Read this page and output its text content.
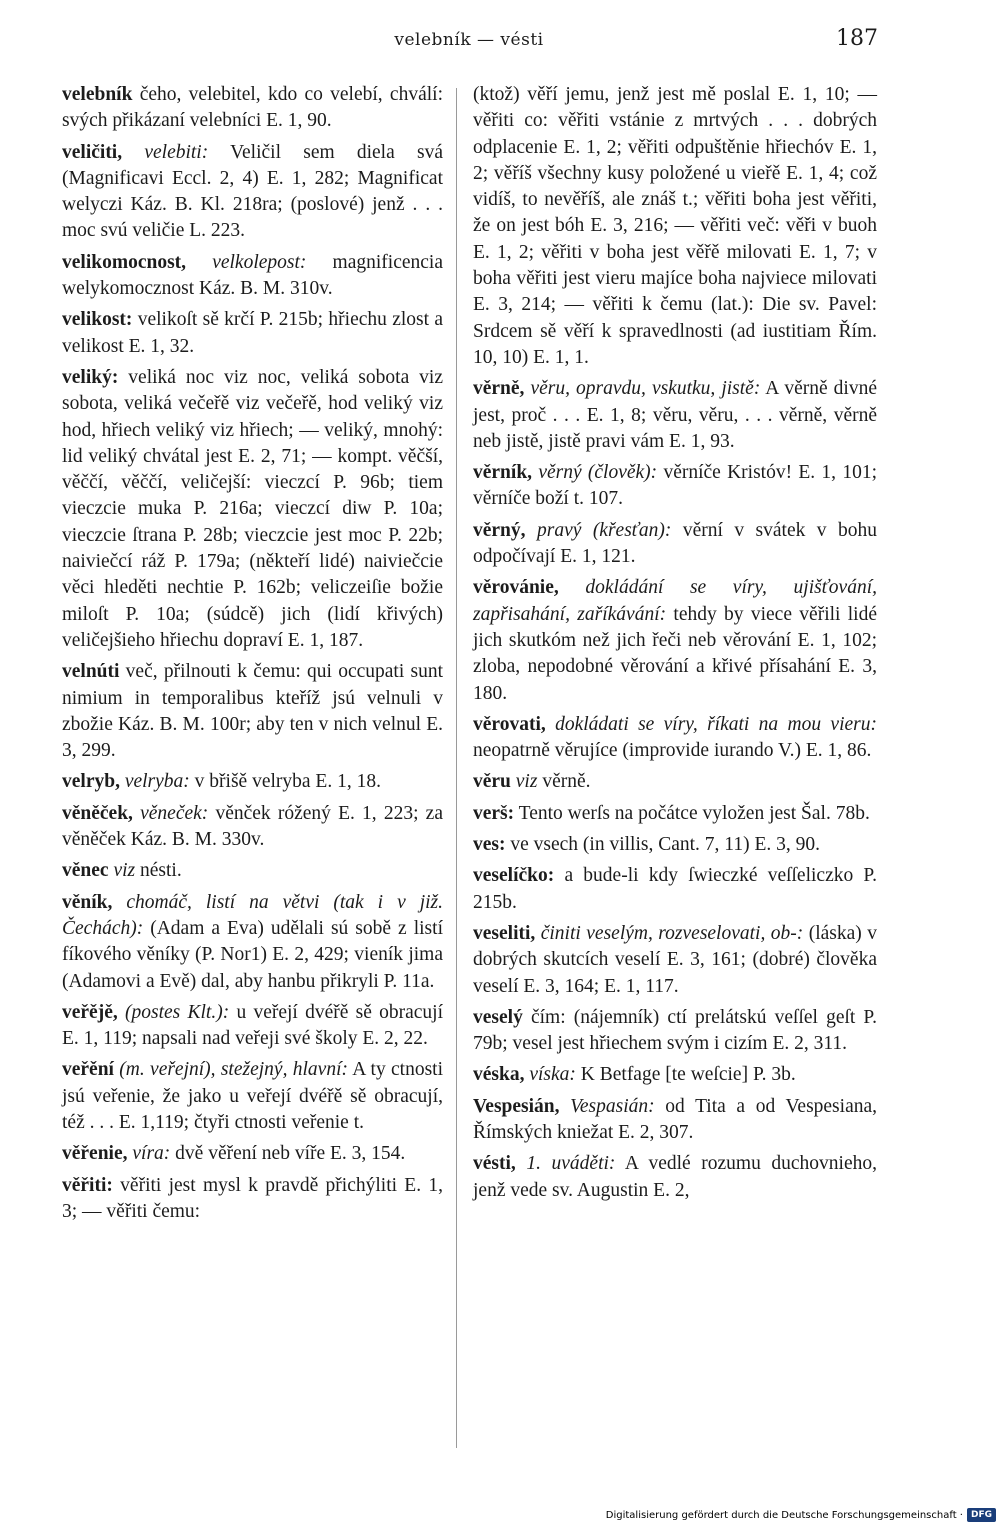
velebník — vésti	187

velebník čeho, velebitel, kdo co velebí, chválí: svých přikázaní velebníci E. 1, 90.

veličiti, velebiti: Veličil sem diela svá (Magnificavi Eccl. 2, 4) E. 1, 282; Magnificat welyczi Káz. B. Kl. 218ra; (poslové) jenž . . . moc svú veličie L. 223.

velikomocnost, velkolepost: magnificencia welykomocznost Káz. B. M. 310v.

velikost: velikoſt sě krčí P. 215b; hřiechu zlost a velikost E. 1, 32.

veliký: veliká noc viz noc, veliká sobota viz sobota, veliká večeřě viz večeřě, hod veliký viz hod, hřiech veliký viz hřiech; — veliký, mnohý: lid veliký chvátal jest E. 2, 71; — kompt. věčší, věččí, věččí, veličejší: vieczcí P. 96b; tiem vieczcie muka P. 216a; vieczcí diw P. 10a; vieczcie ſtrana P. 28b; vieczcie jest moc P. 22b; naiviečcí ráž P. 179a; (někteří lidé) naiviečcie věci hleděti nechtie P. 162b; veliczeiſie božie miloſt P. 10a; (súdcě) jich (lidí křivých) veličejšieho hřiechu dopraví E. 1, 187.

velnúti več, přilnouti k čemu: qui occupati sunt nimium in temporalibus kteříž jsú velnuli v zbožie Káz. B. M. 100r; aby ten v nich velnul E. 3, 299.

velryb, velryba: v břišě velryba E. 1, 18.

věněček, věneček: věnček róžený E. 1, 223; za věněček Káz. B. M. 330v.

věnec viz nésti.

věník, chomáč, listí na větvi (tak i v již. Čechách): (Adam a Eva) udělali sú sobě z listí fíkového věníky (P. Nor1) E. 2, 429; vieník jima (Adamovi a Evě) dal, aby hanbu přikryli P. 11a.

veřějě, (postes Klt.): u veřejí dvéřě sě obracují E. 1, 119; napsali nad veřeji své školy E. 2, 22.

veřění (m. veřejní), stežejný, hlavní: A ty ctnosti jsú veřenie, že jako u veřejí dvéřě sě obracují, též . . . E. 1,119; čtyři ctnosti veřenie t.

věřenie, víra: dvě věření neb víře E. 3, 154.

věřiti: věřiti jest mysl k pravdě přichýliti E. 1, 3; — věřiti čemu:

(ktož) věří jemu, jenž jest mě poslal E. 1, 10; — věřiti co: věřiti vstánie z mrtvých . . . dobrých odplacenie E. 1, 2; věřiti odpuštěnie hřiechóv E. 1, 2; věříš všechny kusy položené u vieřě E. 1, 4; což vidíš, to nevěříš, ale znáš t.; věřiti boha jest věřiti, že on jest bóh E. 3, 216; — věřiti več: věři v buoh E. 1, 2; věřiti v boha jest věřě milovati E. 1, 7; v boha věřiti jest vieru majíce boha najviece milovati E. 3, 214; — věřiti k čemu (lat.): Die sv. Pavel: Srdcem sě věří k spravedlnosti (ad iustitiam Řím. 10, 10) E. 1, 1.

věrně, věru, opravdu, vskutku, jistě: A věrně divné jest, proč . . . E. 1, 8; věru, věru, . . . věrně, věrně neb jistě, jistě pravi vám E. 1, 93.

věrník, věrný (člověk): věrníče Kristóv! E. 1, 101; věrníče boží t. 107.

věrný, pravý (křesťan): věrní v svátek v bohu odpočívají E. 1, 121.

věrovánie, dokládání se víry, ujišťování, zapřisahání, zaříkávání: tehdy by viece věřili lidé jich skutkóm než jich řeči neb věrování E. 1, 102; zloba, nepodobné věrování a křivé přísahání E. 3, 180.

věrovati, dokládati se víry, říkati na mou vieru: neopatrně věrujíce (improvide iurando V.) E. 1, 86.

věru viz věrně.

verš: Tento werſs na počátce vyložen jest Šal. 78b.

ves: ve vsech (in villis, Cant. 7, 11) E. 3, 90.

veselíčko: a bude-li kdy ſwieczké veſſeliczko P. 215b.

veseliti, činiti veselým, rozveselovati, ob-: (láska) v dobrých skutcích veselí E. 3, 161; (dobré) člověka veselí E. 3, 164; E. 1, 117.

veselý čím: (nájemník) ctí prelátskú veſſel geſt P. 79b; vesel jest hřiechem svým i cizím E. 2, 311.

véska, víska: K Betfage [te weſcie] P. 3b.

Vespesián, Vespasián: od Tita a od Vespesiana, Římských kniežat E. 2, 307.

vésti, 1. uváděti: A vedlé rozumu duchovnieho, jenž vede sv. Augustin E. 2,

Digitalisierung gefördert durch die Deutsche Forschungsgemeinschaft · DFG
